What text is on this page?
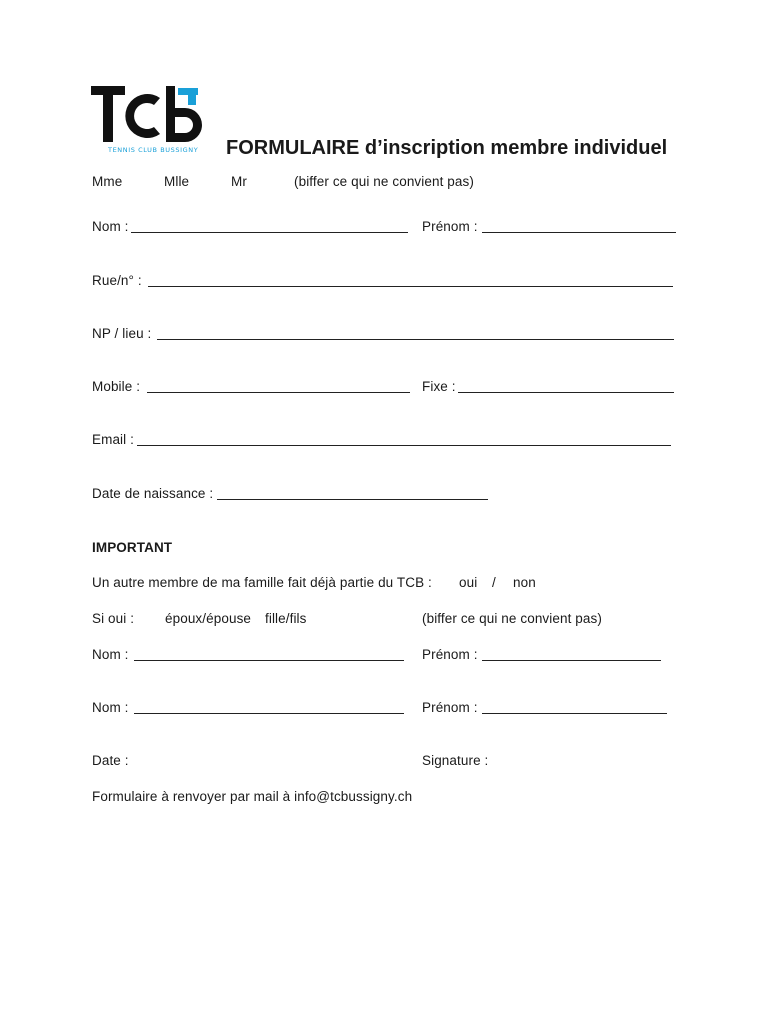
TENNIS CLUB BUSSIGNY FORMULAIRE d’inscription membre individuel
Mme	Mlle	Mr	(biffer ce qui ne convient pas)
Nom :	Prénom :
Rue/n° :
NP / lieu :
Mobile :	Fixe :
Email :
Date de naissance :
IMPORTANT
Un autre membre de ma famille fait déjà partie du TCB : oui / non
Si oui : époux/épouse fille/fils	(biffer ce qui ne convient pas)
Nom :	Prénom :
Nom :	Prénom :
Date :	Signature :
Formulaire à renvoyer par mail à info@tcbussigny.ch
